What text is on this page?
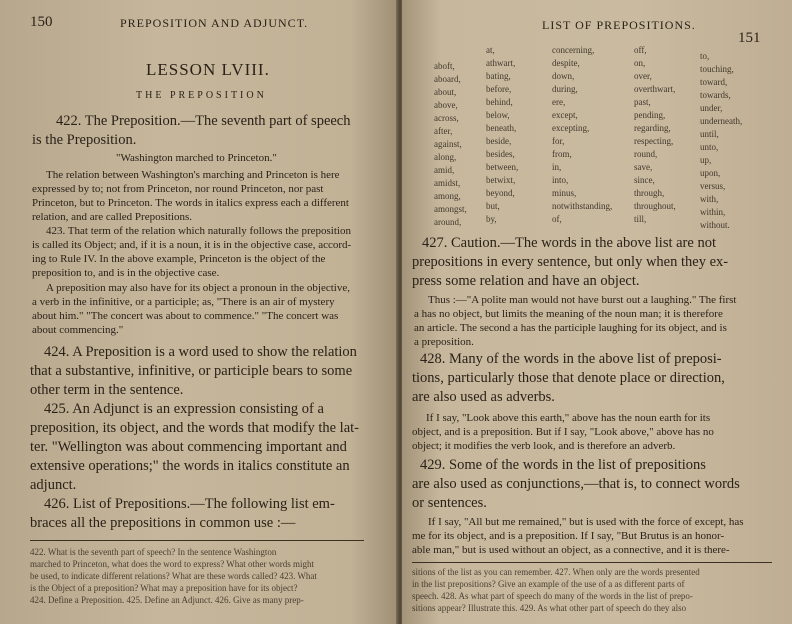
150	PREPOSITION AND ADJUNCT.
LESSON LVIII.
THE PREPOSITION
422. The Preposition.—The seventh part of speech
is the Preposition.
"Washington marched to Princeton."
The relation between Washington's marching and Princeton is here
expressed by to; not from Princeton, nor round Princeton, nor past
Princeton, but to Princeton. The words in italics express each a different
relation, and are called Prepositions.
423. That term of the relation which naturally follows the preposition
is called its Object; and, if it is a noun, it is in the objective case, accord-
ing to Rule IV. In the above example, Princeton is the object of the
preposition to, and is in the objective case.
A preposition may also have for its object a pronoun in the objective,
a verb in the infinitive, or a participle; as, "There is an air of mystery
about him." "The concert was about to commence." "The concert was
about commencing."
424. A Preposition is a word used to show the relation
that a substantive, infinitive, or participle bears to some
other term in the sentence.
425. An Adjunct is an expression consisting of a
preposition, its object, and the words that modify the lat-
ter. "Wellington was about commencing important and
extensive operations;" the words in italics constitute an
adjunct.
426. List of Prepositions.—The following list em-
braces all the prepositions in common use :—
422. What is the seventh part of speech? In the sentence Washington
marched to Princeton, what does the word to express? What other words might
be used, to indicate different relations? What are these words called? 423. What
is the Object of a preposition? What may a preposition have for its object?
424. Define a Preposition. 425. Define an Adjunct. 426. Give as many prep-
LIST OF PREPOSITIONS.
151
aboft,
aboard,
about,
above,
across,
after,
against,
along,
amid,
amidst,
among,
amongst,
around,
at,
athwart,
bating,
before,
behind,
below,
beneath,
beside,
besides,
between,
betwixt,
beyond,
but,
by,
concerning,
despite,
down,
during,
ere,
except,
excepting,
for,
from,
in,
into,
minus,
notwithstanding,
of,
off,
on,
over,
overthwart,
past,
pending,
regarding,
respecting,
round,
save,
since,
through,
throughout,
till,
to,
touching,
toward,
towards,
under,
underneath,
until,
unto,
up,
upon,
versus,
with,
within,
without.
427. Caution.—The words in the above list are not
prepositions in every sentence, but only when they ex-
press some relation and have an object.
Thus :—"A polite man would not have burst out a laughing." The first
a has no object, but limits the meaning of the noun man; it is therefore
an article. The second a has the participle laughing for its object, and is
a preposition.
428. Many of the words in the above list of preposi-
tions, particularly those that denote place or direction,
are also used as adverbs.
If I say, "Look above this earth," above has the noun earth for its
object, and is a preposition. But if I say, "Look above," above has no
object; it modifies the verb look, and is therefore an adverb.
429. Some of the words in the list of prepositions
are also used as conjunctions,—that is, to connect words
or sentences.
If I say, "All but me remained," but is used with the force of except, has
me for its object, and is a preposition. If I say, "But Brutus is an honor-
able man," but is used without an object, as a connective, and it is there-
sitions of the list as you can remember. 427. When only are the words presented
in the list prepositions? Give an example of the use of a as different parts of
speech. 428. As what part of speech do many of the words in the list of prepo-
sitions appear? Illustrate this. 429. As what other part of speech do they also
